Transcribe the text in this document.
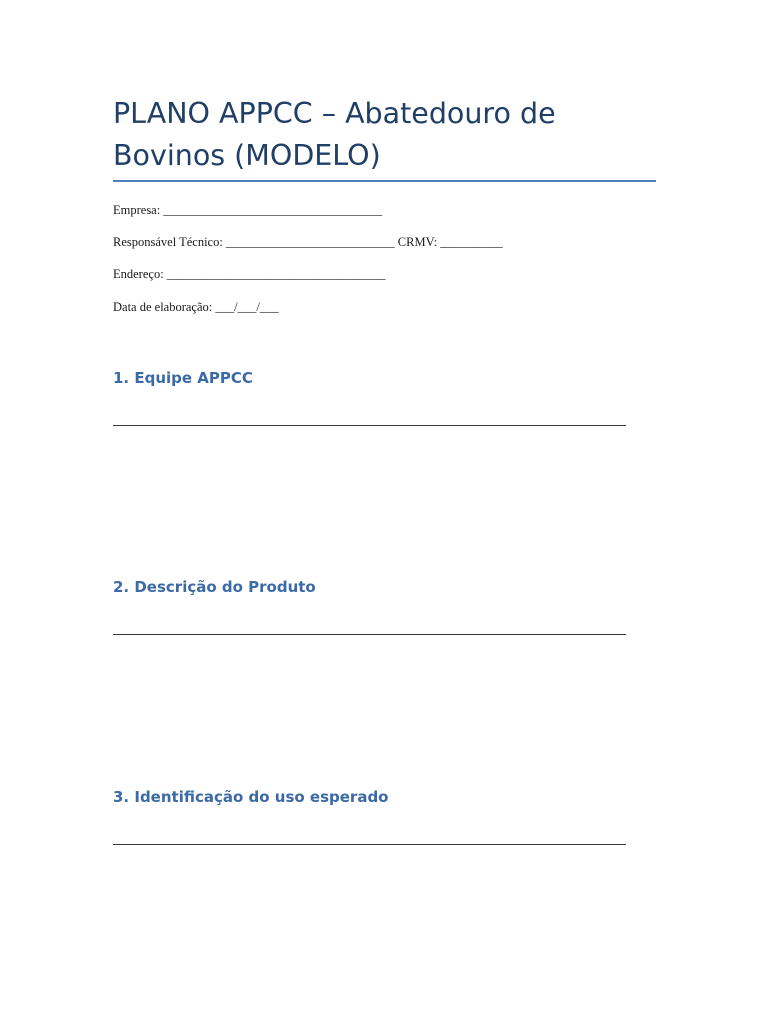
PLANO APPCC – Abatedouro de Bovinos (MODELO)
Empresa: ___________________________________
Responsável Técnico: ___________________________ CRMV: __________
Endereço: ___________________________________
Data de elaboração: ___/___/___
1. Equipe APPCC
2. Descrição do Produto
3. Identificação do uso esperado
